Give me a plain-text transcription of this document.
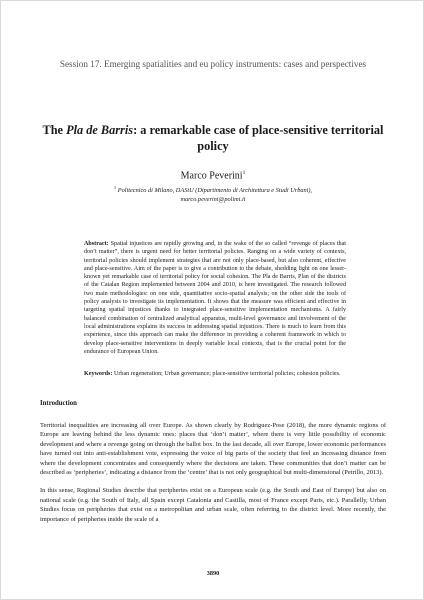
Session 17. Emerging spatialities and eu policy instruments: cases and perspectives
The Pla de Barris: a remarkable case of place-sensitive territorial policy
Marco Peverini$^1$
$^1$ Politecnico di Milano, DAStU (Dipartimento di Architettura e Studi Urbani),
marco.peverini@polimi.it
Abstract: Spatial injustices are rapidly growing and, in the wake of the so called “revenge of places that don’t matter”, there is urgent need for better territorial policies. Ranging on a wide variety of contexts, territorial policies should implement strategies that are not only place-based, but also coherent, effective and place-sensitive. Aim of the paper is to give a contribution to the debate, shedding light on one lesser-known yet remarkable case of territorial policy for social cohesion. The Pla de Barris, Plan of the districts of the Catalan Region implemented between 2004 and 2010, is here investigated. The research followed two main methodologies: on one side, quantitative socio-spatial analysis; on the other side the tools of policy analysis to investigate its implementation. It shows that the measure was efficient and effective in targeting spatial injustices thanks to integrated place-sensitive implementation mechanisms. A fairly balanced combination of centralized analytical apparatus, multi-level governance and involvement of the local administrations explains its success in addressing spatial injustices. There is much to learn from this experience, since this approach can make the difference in providing a coherent framework in which to develop place-sensitive interventions in deeply variable local contexts, that is the crucial point for the endurance of European Union.
Keywords: Urban regeneration; Urban governance; place-sensitive territorial policies; cohesion policies.
Introduction

Territorial inequalities are increasing all over Europe. As shown clearly by Rodriguez-Pose (2018), the more dynamic regions of Europe are leaving behind the less dynamic ones: places that ‘don’t matter’, where there is very little possibility of economic development and where a revenge going on through the ballot box. In the last decade, all over Europe, lower economic performances have turned out into anti-establishment vote, expressing the voice of big parts of the society that feel an increasing distance from where the development concentrates and consequently where the decisions are taken. These communities that don’t matter can be described as ‘peripheries’, indicating a distance from the ‘centre’ that is not only geographical but multi-dimensional (Petrillo, 2013).

In this sense, Regional Studies describe that peripheries exist on a European scale (e.g. the South and East of Europe) but also on national scale (e.g. the South of Italy, all Spain except Catalonia and Castilla, most of France except Paris, etc.). Parallelly, Urban Studies focus on peripheries that exist on a metropolitan and urban scale, often referring to the district level. More recently, the importance of peripheries inside the scale of a

3890
